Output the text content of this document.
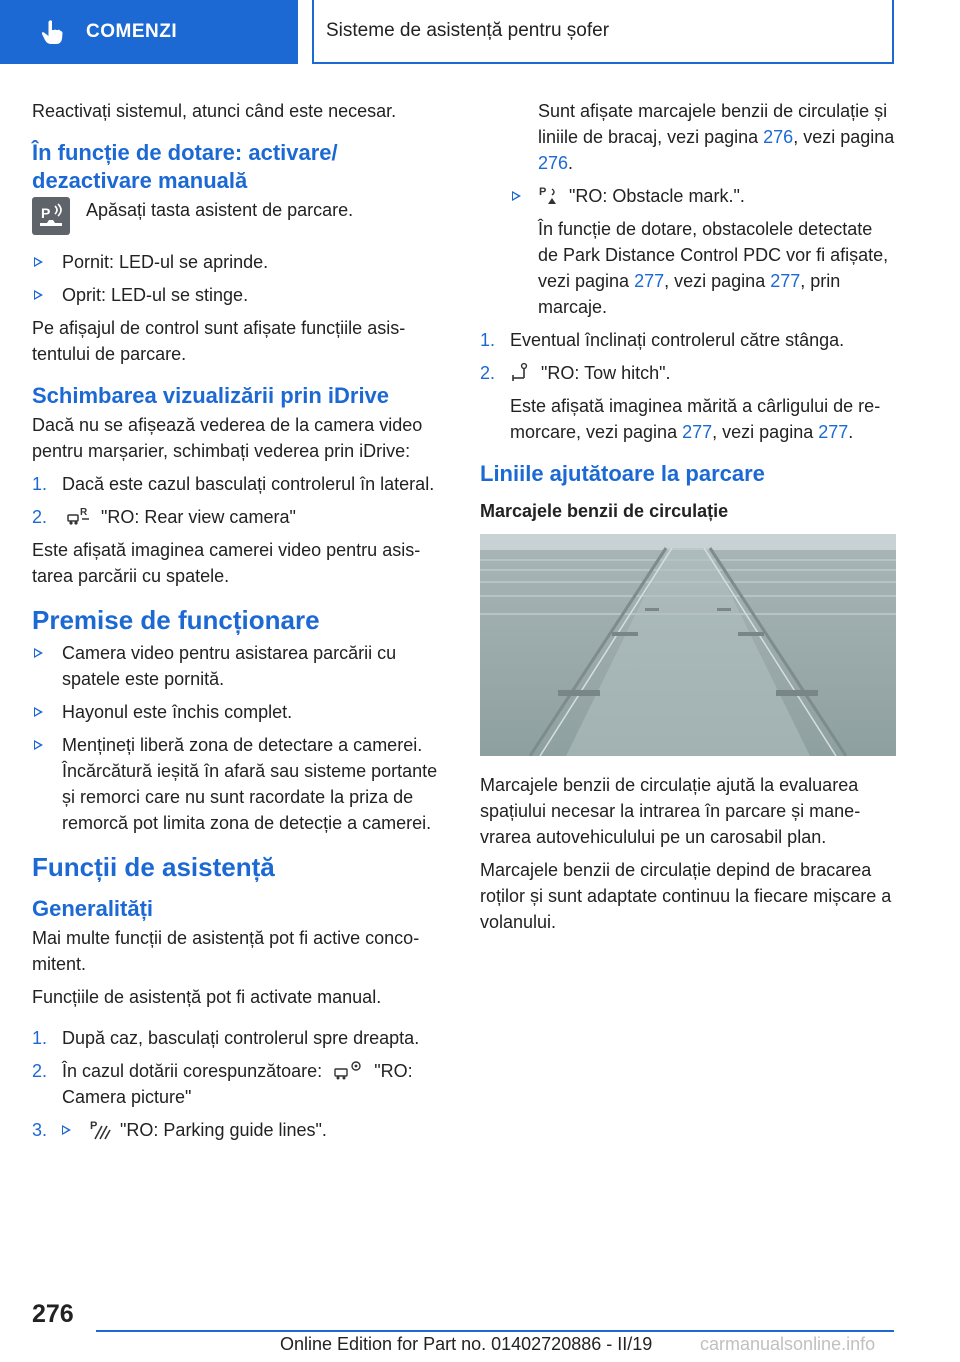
COMENZI	Sisteme de asistență pentru șofer

Reactivați sistemul, atunci când este necesar.

În funcție de dotare: activare/ dezactivare manuală
P Apăsați tasta asistent de parcare.
Pornit: LED-ul se aprinde.
Oprit: LED-ul se stinge.

Pe afișajul de control sunt afișate funcțiile asistentului de parcare.

Schimbarea vizualizării prin iDrive

Dacă nu se afișează vederea de la camera video pentru marșarier, schimbați vederea prin iDrive:

1. Dacă este cazul basculați controlerul în lateral.
2.	R "RO: Rear view camera"

Este afișată imaginea camerei video pentru asistarea parcării cu spatele.

Premise de funcționare
Camera video pentru asistarea parcării cu spatele este pornită.
Hayonul este închis complet.
Mențineți liberă zona de detectare a camerei. Încărcătură ieșită în afară sau sisteme portante și remorci care nu sunt racordate la priza de remorcă pot limita zona de detecție a camerei.
Funcții de asistență
Generalități

Mai multe funcții de asistență pot fi active concomitent.

Funcțiile de asistență pot fi activate manual.

1. După caz, basculați controlerul spre dreapta.
2. În cazul dotării corespunzătoare:	"RO: Camera picture"
3.
	P "RO: Parking guide lines".
Sunt afișate marcajele benzii de circulație și liniile de bracaj, vezi pagina 276, vezi pagina 276.
P "RO: Obstacle mark.".
În funcție de dotare, obstacolele detectate de Park Distance Control PDC vor fi afișate, vezi pagina 277, vezi pagina 277, prin marcaje.
1. Eventual înclinați controlerul către stânga.
2.	"RO: Tow hitch".
Este afișată imaginea mărită a cârligului de remorcare, vezi pagina 277, vezi pagina 277.
Liniile ajutătoare la parcare
Marcajele benzii de circulație

Marcajele benzii de circulație ajută la evaluarea spațiului necesar la intrarea în parcare și manevrarea autovehiculului pe un carosabil plan.

Marcajele benzii de circulație depind de bracarea roților și sunt adaptate continuu la fiecare mișcare a volanului.

276
Online Edition for Part no. 01402720886 - II/19	carmanualsonline.info
